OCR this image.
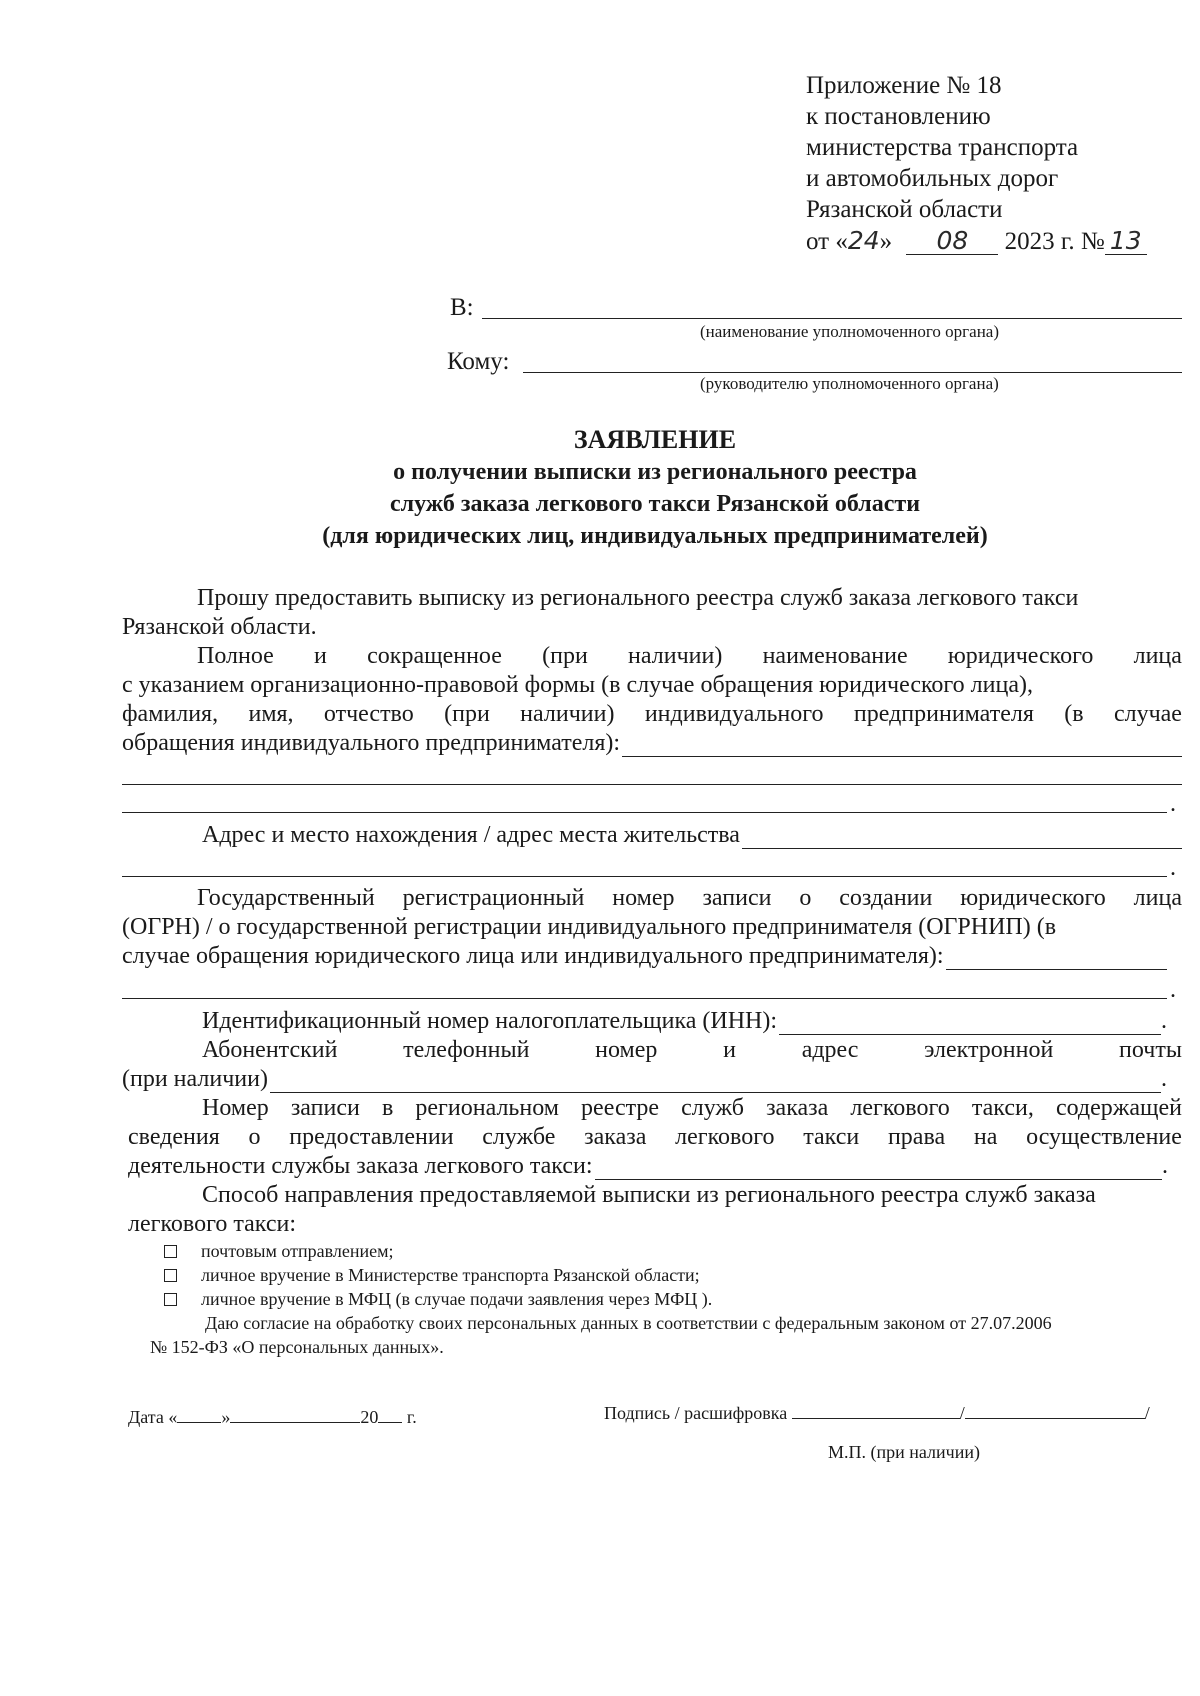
Приложение № 18
к постановлению
министерства транспорта
и автомобильных дорог
Рязанской области
от «24» 08 2023 г. № 13
В:
(наименование уполномоченного органа)
Кому:
(руководителю уполномоченного органа)
ЗАЯВЛЕНИЕ
о получении выписки из регионального реестра
служб заказа легкового такси Рязанской области
(для юридических лиц, индивидуальных предпринимателей)
Прошу предоставить выписку из регионального реестра служб заказа легкового такси
Рязанской области.
Полное и сокращенное (при наличии) наименование юридического лица
с указанием организационно-правовой формы (в случае обращения юридического лица),
фамилия, имя, отчество (при наличии) индивидуального предпринимателя (в случае
обращения индивидуального предпринимателя):
.
Адрес и место нахождения / адрес места жительства
.
Государственный регистрационный номер записи о создании юридического лица
(ОГРН) / о государственной регистрации индивидуального предпринимателя (ОГРНИП) (в
случае обращения юридического лица или индивидуального предпринимателя):
.
Идентификационный номер налогоплательщика (ИНН):	.
Абонентский	телефонный	номер	и	адрес	электронной	почты
(при наличии)	.
Номер записи в региональном реестре служб заказа легкового такси, содержащей
сведения о предоставлении службе заказа легкового такси права на осуществление
деятельности службы заказа легкового такси:	.
Способ направления предоставляемой выписки из регионального реестра служб заказа
легкового такси:
почтовым отправлением;
личное вручение в Министерстве транспорта Рязанской области;
личное вручение в МФЦ (в случае подачи заявления через МФЦ ).
Даю согласие на обработку своих персональных данных в соответствии с федеральным законом от 27.07.2006
№ 152-ФЗ «О персональных данных».
Дата « »	20 г.	Подпись / расшифровка	/	/
М.П. (при наличии)
